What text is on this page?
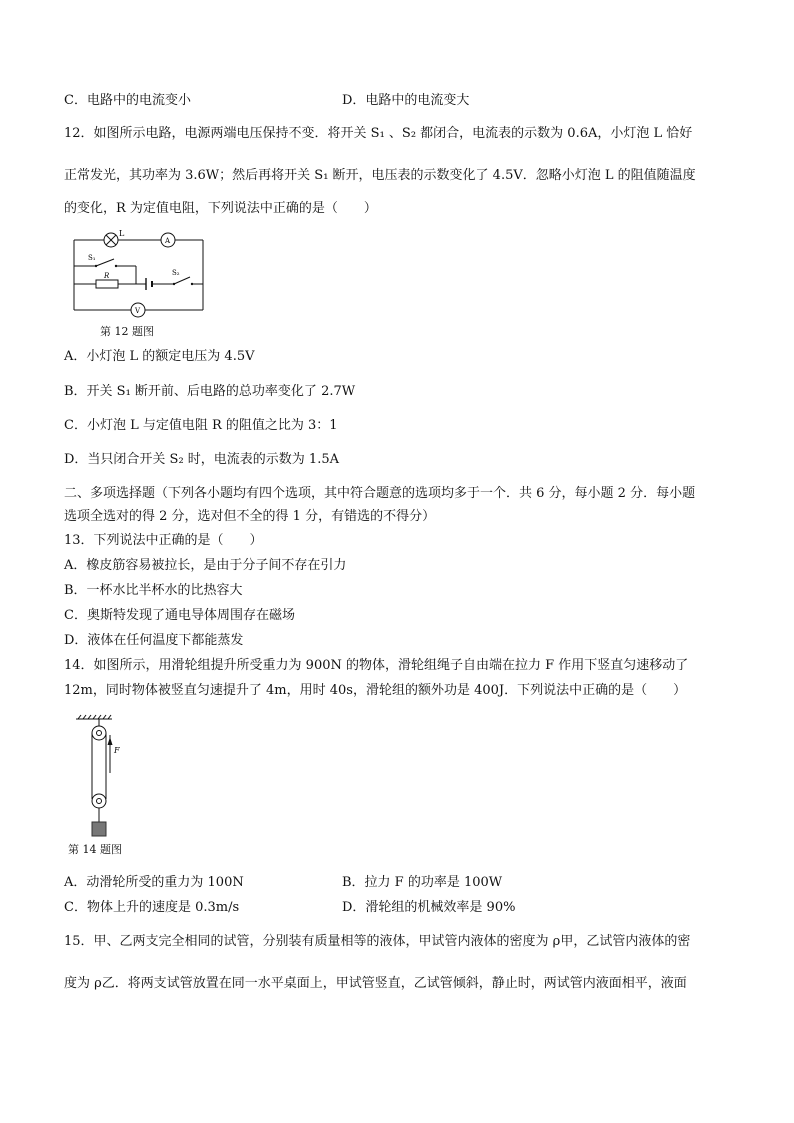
C．电路中的电流变小	D．电路中的电流变大
12．如图所示电路，电源两端电压保持不变．将开关 S₁ 、S₂ 都闭合，电流表的示数为 0.6A，小灯泡 L 恰好
正常发光，其功率为 3.6W；然后再将开关 S₁ 断开，电压表的示数变化了 4.5V．忽略小灯泡 L 的阻值随温度
的变化，R 为定值电阻，下列说法中正确的是（　　）
L
A
V
S₁
S₂
R
第 12 题图
A．小灯泡 L 的额定电压为 4.5V
B．开关 S₁ 断开前、后电路的总功率变化了 2.7W
C．小灯泡 L 与定值电阻 R 的阻值之比为 3：1
D．当只闭合开关 S₂ 时，电流表的示数为 1.5A
二、多项选择题（下列各小题均有四个选项，其中符合题意的选项均多于一个．共 6 分，每小题 2 分．每小题
选项全选对的得 2 分，选对但不全的得 1 分，有错选的不得分）
13．下列说法中正确的是（　　）
A．橡皮筋容易被拉长，是由于分子间不存在引力
B．一杯水比半杯水的比热容大
C．奥斯特发现了通电导体周围存在磁场
D．液体在任何温度下都能蒸发
14．如图所示，用滑轮组提升所受重力为 900N 的物体，滑轮组绳子自由端在拉力 F 作用下竖直匀速移动了
12m，同时物体被竖直匀速提升了 4m，用时 40s，滑轮组的额外功是 400J．下列说法中正确的是（　　）
F
第 14 题图
A．动滑轮所受的重力为 100N	B．拉力 F 的功率是 100W
C．物体上升的速度是 0.3m/s	D．滑轮组的机械效率是 90%
15．甲、乙两支完全相同的试管，分别装有质量相等的液体，甲试管内液体的密度为 ρ甲，乙试管内液体的密
度为 ρ乙．将两支试管放置在同一水平桌面上，甲试管竖直，乙试管倾斜，静止时，两试管内液面相平，液面
